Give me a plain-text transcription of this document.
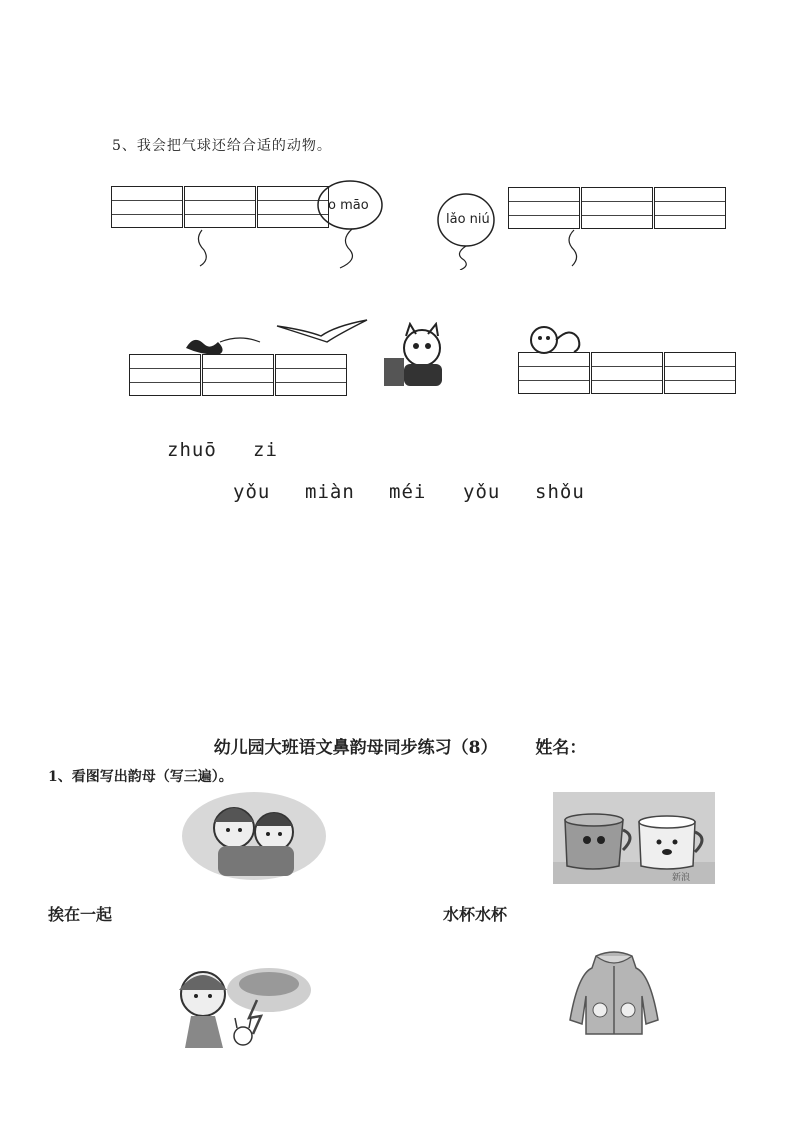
5、我会把气球还给合适的动物。
o māo
lǎo niú
zhuō zi
yǒu miàn méi yǒu shǒu
幼儿园大班语文鼻韵母同步练习（8） 姓名：
1、看图写出韵母（写三遍）。
新浪
挨在一起	水杯水杯
